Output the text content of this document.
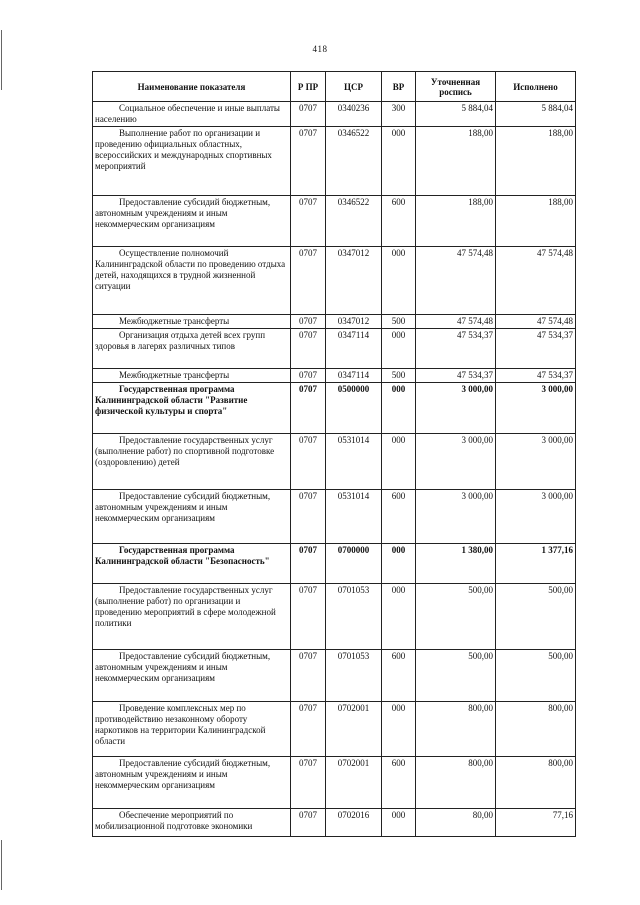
418
Наименование показателя	Р ПР	ЦСР	ВР	Уточненная роспись	Исполнено
Социальное обеспечение и иные выплаты населению	0707	0340236	300	5 884,04	5 884,04
Выполнение работ по организации и проведению официальных областных, всероссийских и международных спортивных мероприятий	0707	0346522	000	188,00	188,00
Предоставление субсидий бюджетным, автономным учреждениям и иным некоммерческим организациям	0707	0346522	600	188,00	188,00
Осуществление полномочий Калининградской области по проведению отдыха детей, находящихся в трудной жизненной ситуации	0707	0347012	000	47 574,48	47 574,48
Межбюджетные трансферты	0707	0347012	500	47 574,48	47 574,48
Организация отдыха детей всех групп здоровья в лагерях различных типов	0707	0347114	000	47 534,37	47 534,37
Межбюджетные трансферты	0707	0347114	500	47 534,37	47 534,37
Государственная программа Калининградской области "Развитие физической культуры и спорта"	0707	0500000	000	3 000,00	3 000,00
Предоставление государственных услуг (выполнение работ) по спортивной подготовке (оздоровлению) детей	0707	0531014	000	3 000,00	3 000,00
Предоставление субсидий бюджетным, автономным учреждениям и иным некоммерческим организациям	0707	0531014	600	3 000,00	3 000,00
Государственная программа Калининградской области "Безопасность"	0707	0700000	000	1 380,00	1 377,16
Предоставление государственных услуг (выполнение работ) по организации и проведению мероприятий в сфере молодежной политики	0707	0701053	000	500,00	500,00
Предоставление субсидий бюджетным, автономным учреждениям и иным некоммерческим организациям	0707	0701053	600	500,00	500,00
Проведение комплексных мер по противодействию незаконному обороту наркотиков на территории Калининградской области	0707	0702001	000	800,00	800,00
Предоставление субсидий бюджетным, автономным учреждениям и иным некоммерческим организациям	0707	0702001	600	800,00	800,00
Обеспечение мероприятий по мобилизационной подготовке экономики	0707	0702016	000	80,00	77,16
